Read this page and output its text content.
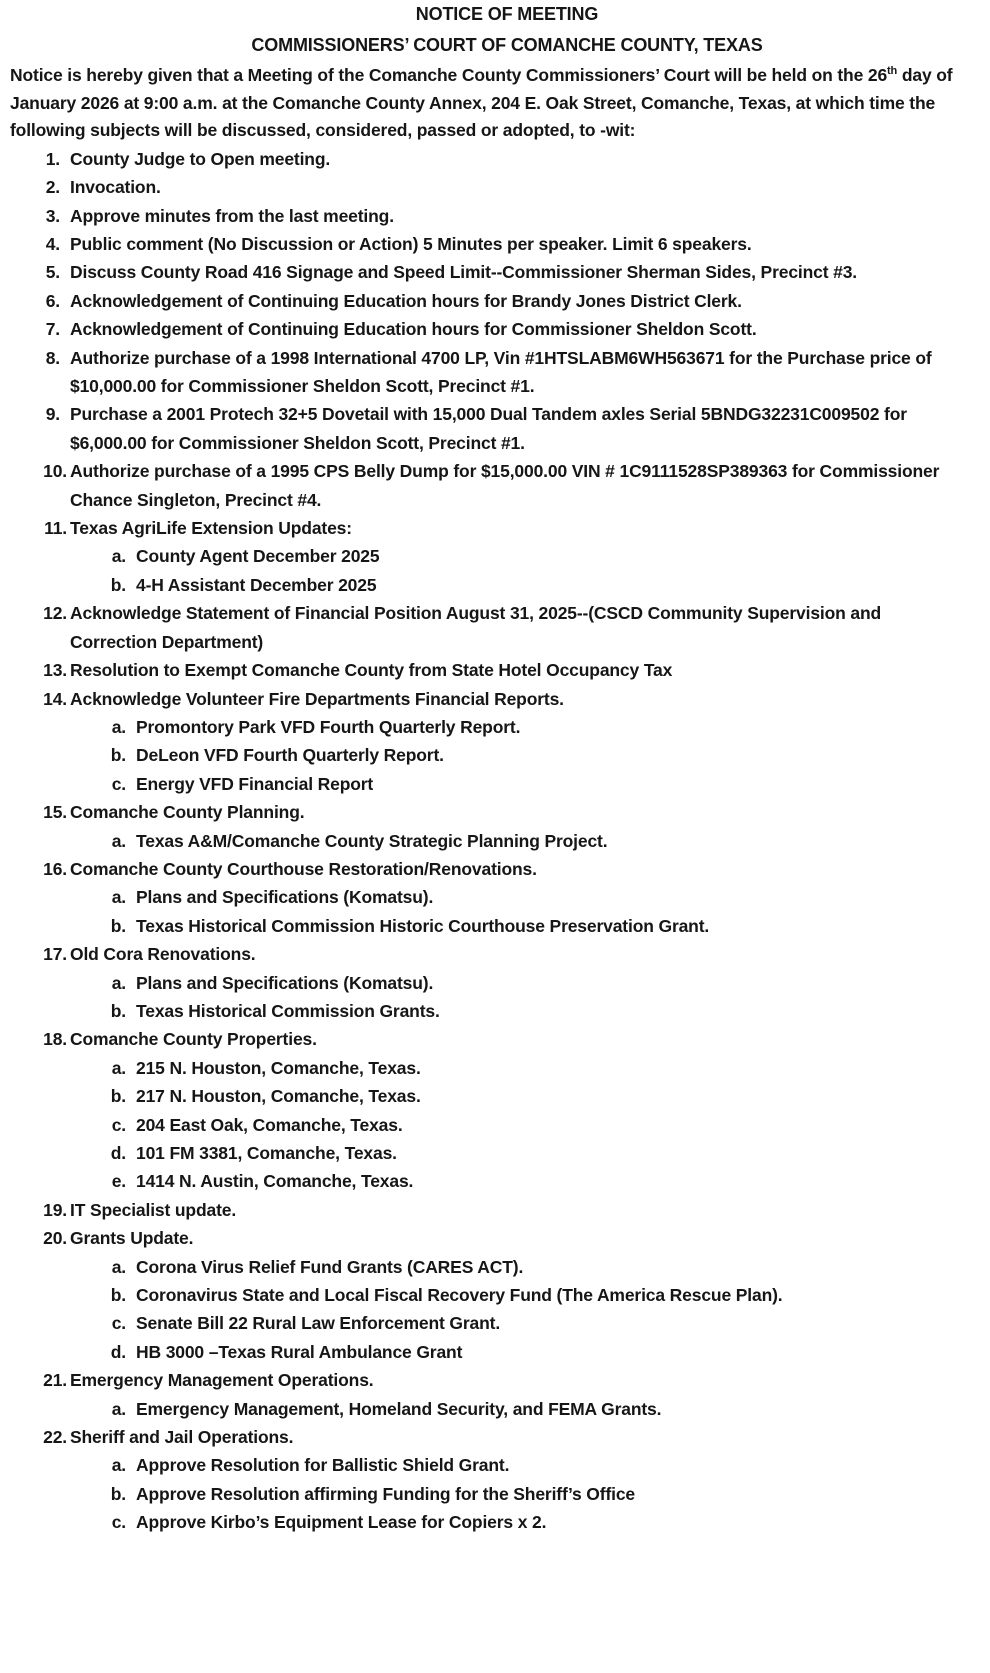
NOTICE OF MEETING
COMMISSIONERS’ COURT OF COMANCHE COUNTY, TEXAS
Notice is hereby given that a Meeting of the Comanche County Commissioners’ Court will be held on the 26th day of January 2026 at 9:00 a.m. at the Comanche County Annex, 204 E. Oak Street, Comanche, Texas, at which time the following subjects will be discussed, considered, passed or adopted, to -wit:
1. County Judge to Open meeting.
2. Invocation.
3. Approve minutes from the last meeting.
4. Public comment (No Discussion or Action) 5 Minutes per speaker. Limit 6 speakers.
5. Discuss County Road 416 Signage and Speed Limit--Commissioner Sherman Sides, Precinct #3.
6. Acknowledgement of Continuing Education hours for Brandy Jones District Clerk.
7. Acknowledgement of Continuing Education hours for Commissioner Sheldon Scott.
8. Authorize purchase of a 1998 International 4700 LP, Vin #1HTSLABM6WH563671 for the Purchase price of $10,000.00 for Commissioner Sheldon Scott, Precinct #1.
9. Purchase a 2001 Protech 32+5 Dovetail with 15,000 Dual Tandem axles Serial 5BNDG32231C009502 for $6,000.00 for Commissioner Sheldon Scott, Precinct #1.
10. Authorize purchase of a 1995 CPS Belly Dump for $15,000.00 VIN # 1C9111528SP389363 for Commissioner Chance Singleton, Precinct #4.
11. Texas AgriLife Extension Updates:
a. County Agent December 2025
b. 4-H Assistant December 2025
12. Acknowledge Statement of Financial Position August 31, 2025--(CSCD Community Supervision and Correction Department)
13. Resolution to Exempt Comanche County from State Hotel Occupancy Tax
14. Acknowledge Volunteer Fire Departments Financial Reports.
a. Promontory Park VFD Fourth Quarterly Report.
b. DeLeon VFD Fourth Quarterly Report.
c. Energy VFD Financial Report
15. Comanche County Planning.
a. Texas A&M/Comanche County Strategic Planning Project.
16. Comanche County Courthouse Restoration/Renovations.
a. Plans and Specifications (Komatsu).
b. Texas Historical Commission Historic Courthouse Preservation Grant.
17. Old Cora Renovations.
a. Plans and Specifications (Komatsu).
b. Texas Historical Commission Grants.
18. Comanche County Properties.
a. 215 N. Houston, Comanche, Texas.
b. 217 N. Houston, Comanche, Texas.
c. 204 East Oak, Comanche, Texas.
d. 101 FM 3381, Comanche, Texas.
e. 1414 N. Austin, Comanche, Texas.
19. IT Specialist update.
20. Grants Update.
a. Corona Virus Relief Fund Grants (CARES ACT).
b. Coronavirus State and Local Fiscal Recovery Fund (The America Rescue Plan).
c. Senate Bill 22 Rural Law Enforcement Grant.
d. HB 3000 –Texas Rural Ambulance Grant
21. Emergency Management Operations.
a. Emergency Management, Homeland Security, and FEMA Grants.
22. Sheriff and Jail Operations.
a. Approve Resolution for Ballistic Shield Grant.
b. Approve Resolution affirming Funding for the Sheriff’s Office
c. Approve Kirbo’s Equipment Lease for Copiers x 2.
